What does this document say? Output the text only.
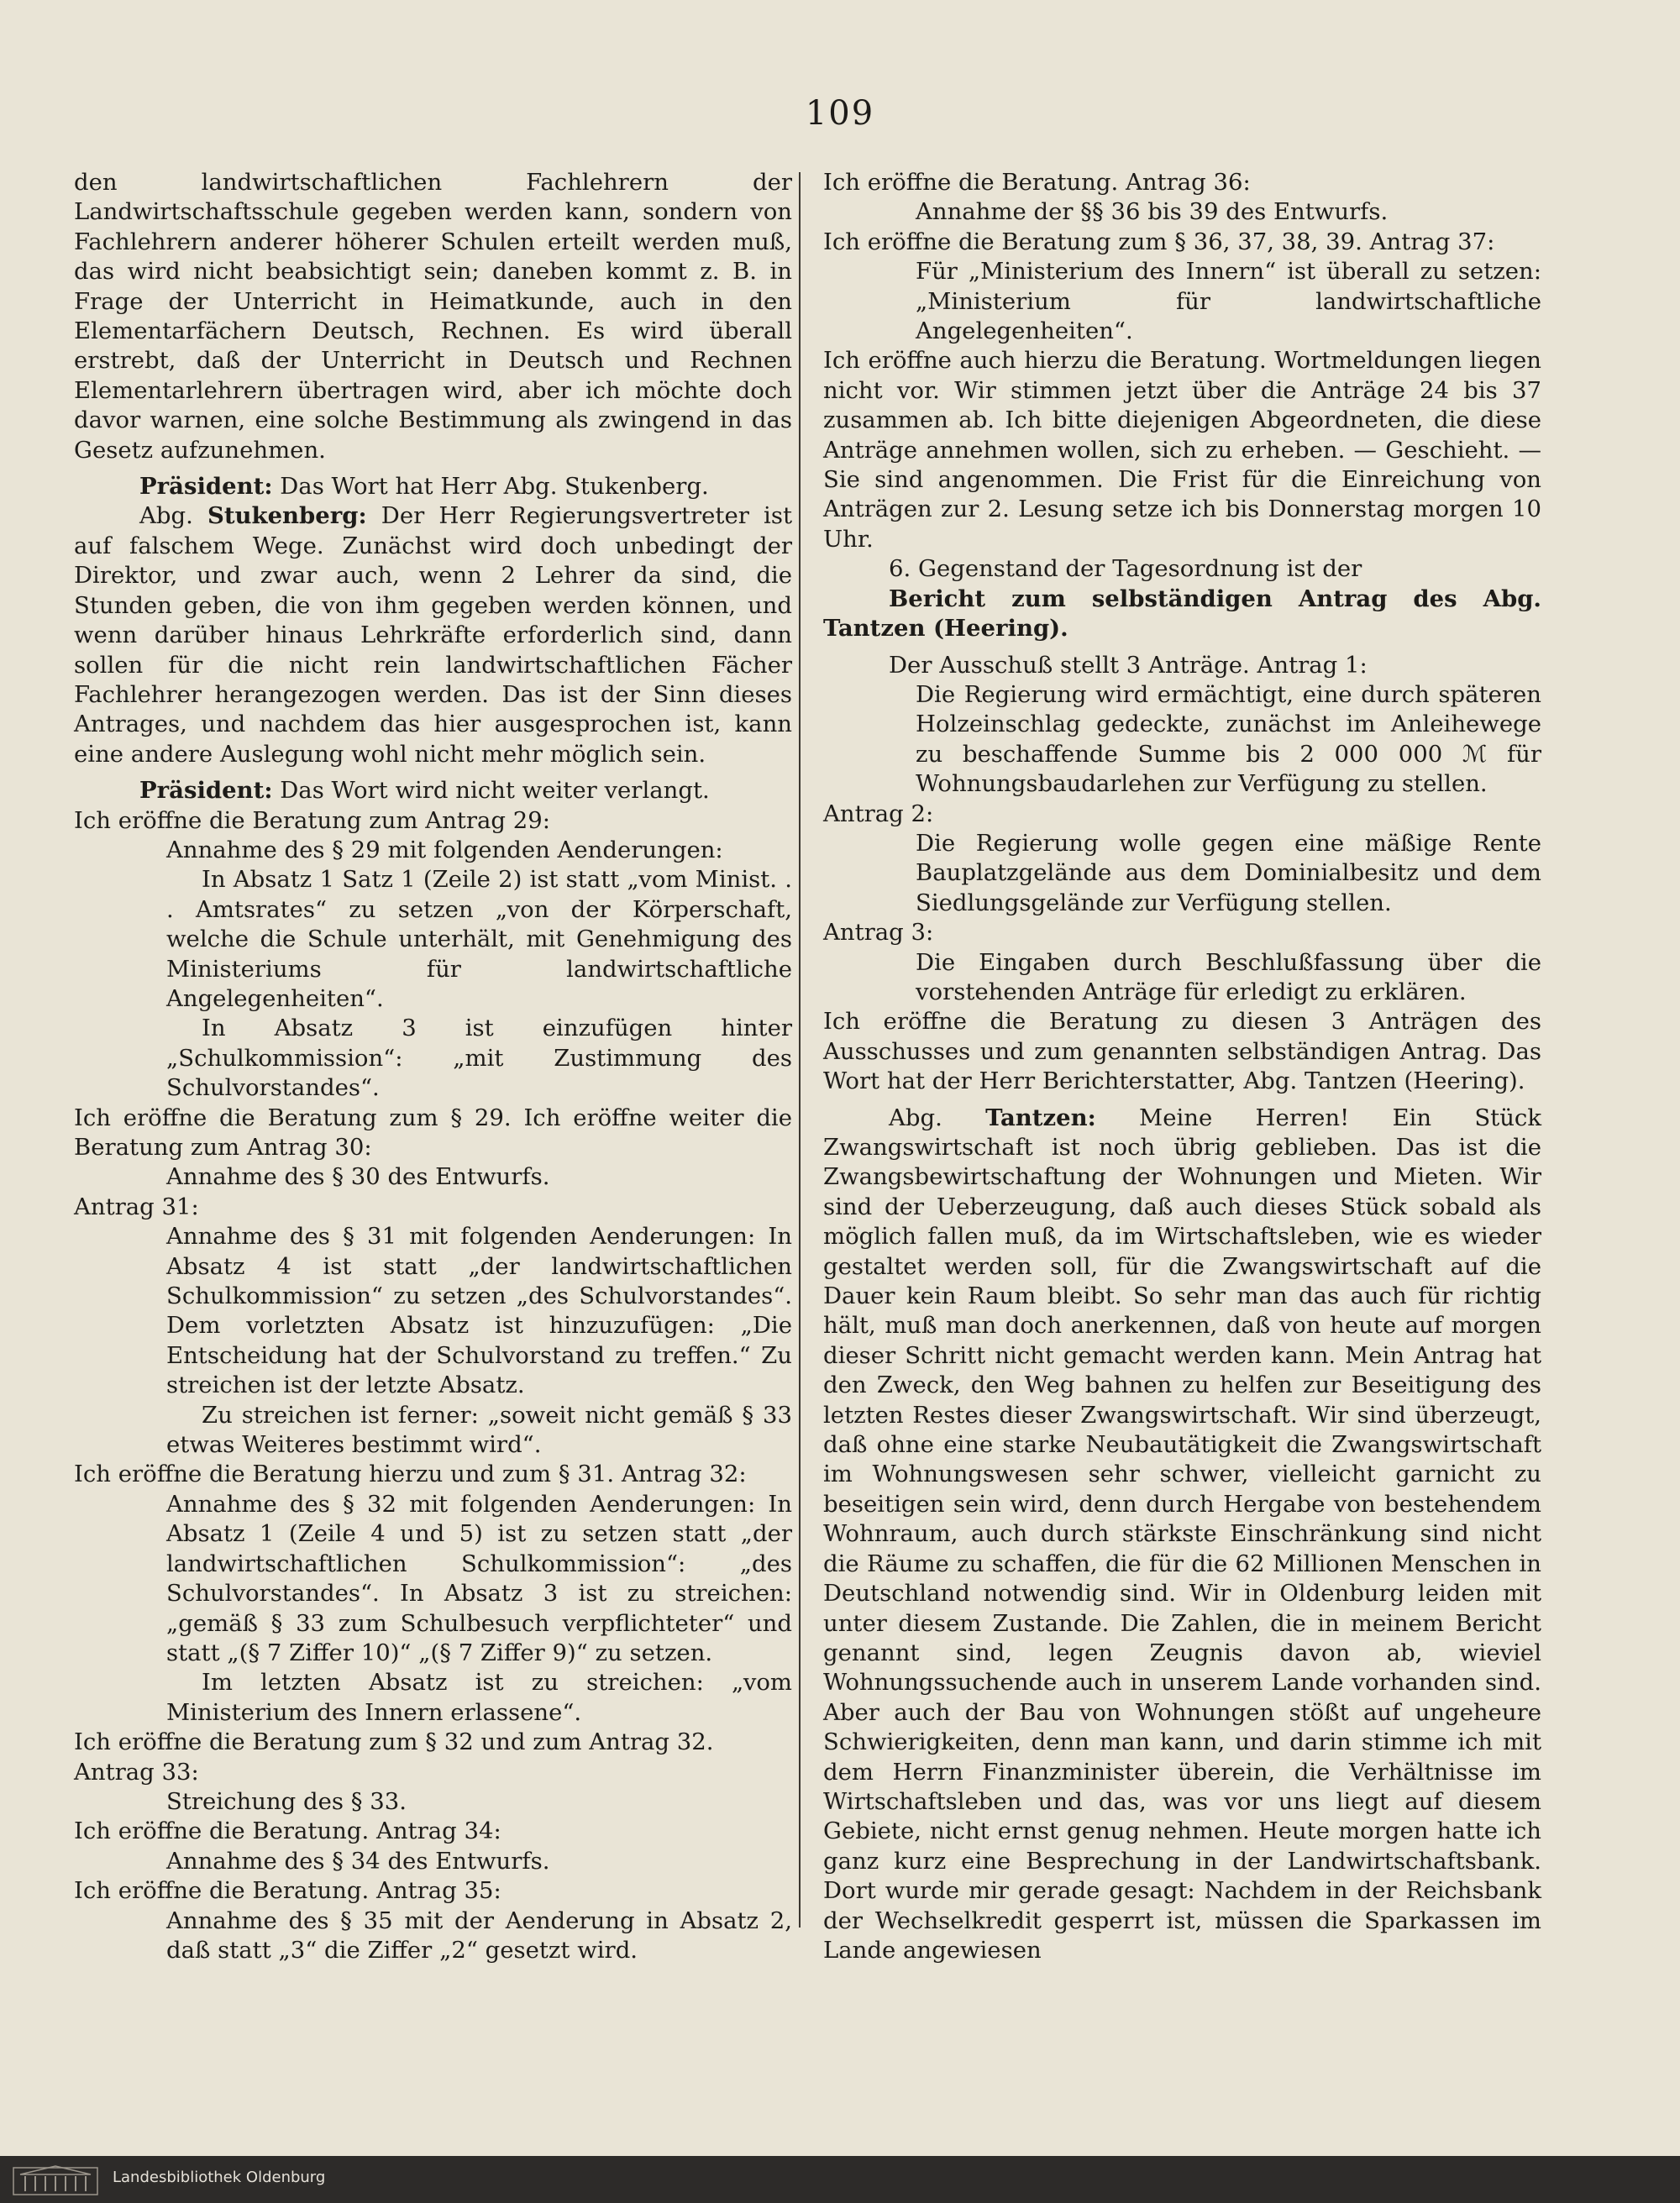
109

den landwirtschaftlichen Fachlehrern der Landwirtschaftsschule gegeben werden kann, sondern von Fachlehrern anderer höherer Schulen erteilt werden muß, das wird nicht beabsichtigt sein; daneben kommt z. B. in Frage der Unterricht in Heimatkunde, auch in den Elementarfächern Deutsch, Rechnen. Es wird überall erstrebt, daß der Unterricht in Deutsch und Rechnen Elementarlehrern übertragen wird, aber ich möchte doch davor warnen, eine solche Bestimmung als zwingend in das Gesetz aufzunehmen.

Präsident: Das Wort hat Herr Abg. Stukenberg.

Abg. Stukenberg: Der Herr Regierungsvertreter ist auf falschem Wege. Zunächst wird doch unbedingt der Direktor, und zwar auch, wenn 2 Lehrer da sind, die Stunden geben, die von ihm gegeben werden können, und wenn darüber hinaus Lehrkräfte erforderlich sind, dann sollen für die nicht rein landwirtschaftlichen Fächer Fachlehrer herangezogen werden. Das ist der Sinn dieses Antrages, und nachdem das hier ausgesprochen ist, kann eine andere Auslegung wohl nicht mehr möglich sein.

Präsident: Das Wort wird nicht weiter verlangt.

Ich eröffne die Beratung zum Antrag 29:

Annahme des § 29 mit folgenden Aenderungen:

In Absatz 1 Satz 1 (Zeile 2) ist statt „vom Minist. . . Amtsrates“ zu setzen „von der Körperschaft, welche die Schule unterhält, mit Genehmigung des Ministeriums für landwirtschaftliche Angelegenheiten“.

In Absatz 3 ist einzufügen hinter „Schulkommission“: „mit Zustimmung des Schulvorstandes“.

Ich eröffne die Beratung zum § 29. Ich eröffne weiter die Beratung zum Antrag 30:

Annahme des § 30 des Entwurfs.

Antrag 31:

Annahme des § 31 mit folgenden Aenderungen: In Absatz 4 ist statt „der landwirtschaftlichen Schulkommission“ zu setzen „des Schulvorstandes“. Dem vorletzten Absatz ist hinzuzufügen: „Die Entscheidung hat der Schulvorstand zu treffen.“ Zu streichen ist der letzte Absatz.

Zu streichen ist ferner: „soweit nicht gemäß § 33 etwas Weiteres bestimmt wird“.

Ich eröffne die Beratung hierzu und zum § 31. Antrag 32:

Annahme des § 32 mit folgenden Aenderungen: In Absatz 1 (Zeile 4 und 5) ist zu setzen statt „der landwirtschaftlichen Schulkommission“: „des Schulvorstandes“. In Absatz 3 ist zu streichen: „gemäß § 33 zum Schulbesuch verpflichteter“ und statt „(§ 7 Ziffer 10)“ „(§ 7 Ziffer 9)“ zu setzen.

Im letzten Absatz ist zu streichen: „vom Ministerium des Innern erlassene“.

Ich eröffne die Beratung zum § 32 und zum Antrag 32.

Antrag 33:

Streichung des § 33.

Ich eröffne die Beratung. Antrag 34:

Annahme des § 34 des Entwurfs.

Ich eröffne die Beratung. Antrag 35:

Annahme des § 35 mit der Aenderung in Absatz 2, daß statt „3“ die Ziffer „2“ gesetzt wird.

Ich eröffne die Beratung. Antrag 36:

Annahme der §§ 36 bis 39 des Entwurfs.

Ich eröffne die Beratung zum § 36, 37, 38, 39. Antrag 37:

Für „Ministerium des Innern“ ist überall zu setzen: „Ministerium für landwirtschaftliche Angelegenheiten“.

Ich eröffne auch hierzu die Beratung. Wortmeldungen liegen nicht vor. Wir stimmen jetzt über die Anträge 24 bis 37 zusammen ab. Ich bitte diejenigen Abgeordneten, die diese Anträge annehmen wollen, sich zu erheben. — Geschieht. — Sie sind angenommen. Die Frist für die Einreichung von Anträgen zur 2. Lesung setze ich bis Donnerstag morgen 10 Uhr.

6. Gegenstand der Tagesordnung ist der

Bericht zum selbständigen Antrag des Abg. Tantzen (Heering).

Der Ausschuß stellt 3 Anträge. Antrag 1:

Die Regierung wird ermächtigt, eine durch späteren Holzeinschlag gedeckte, zunächst im Anleihewege zu beschaffende Summe bis 2 000 000 ℳ für Wohnungsbaudarlehen zur Verfügung zu stellen.

Antrag 2:

Die Regierung wolle gegen eine mäßige Rente Bauplatzgelände aus dem Dominialbesitz und dem Siedlungsgelände zur Verfügung stellen.

Antrag 3:

Die Eingaben durch Beschlußfassung über die vorstehenden Anträge für erledigt zu erklären.

Ich eröffne die Beratung zu diesen 3 Anträgen des Ausschusses und zum genannten selbständigen Antrag. Das Wort hat der Herr Berichterstatter, Abg. Tantzen (Heering).

Abg. Tantzen: Meine Herren! Ein Stück Zwangswirtschaft ist noch übrig geblieben. Das ist die Zwangsbewirtschaftung der Wohnungen und Mieten. Wir sind der Ueberzeugung, daß auch dieses Stück sobald als möglich fallen muß, da im Wirtschaftsleben, wie es wieder gestaltet werden soll, für die Zwangswirtschaft auf die Dauer kein Raum bleibt. So sehr man das auch für richtig hält, muß man doch anerkennen, daß von heute auf morgen dieser Schritt nicht gemacht werden kann. Mein Antrag hat den Zweck, den Weg bahnen zu helfen zur Beseitigung des letzten Restes dieser Zwangswirtschaft. Wir sind überzeugt, daß ohne eine starke Neubautätigkeit die Zwangswirtschaft im Wohnungswesen sehr schwer, vielleicht garnicht zu beseitigen sein wird, denn durch Hergabe von bestehendem Wohnraum, auch durch stärkste Einschränkung sind nicht die Räume zu schaffen, die für die 62 Millionen Menschen in Deutschland notwendig sind. Wir in Oldenburg leiden mit unter diesem Zustande. Die Zahlen, die in meinem Bericht genannt sind, legen Zeugnis davon ab, wieviel Wohnungssuchende auch in unserem Lande vorhanden sind. Aber auch der Bau von Wohnungen stößt auf ungeheure Schwierigkeiten, denn man kann, und darin stimme ich mit dem Herrn Finanzminister überein, die Verhältnisse im Wirtschaftsleben und das, was vor uns liegt auf diesem Gebiete, nicht ernst genug nehmen. Heute morgen hatte ich ganz kurz eine Besprechung in der Landwirtschaftsbank. Dort wurde mir gerade gesagt: Nachdem in der Reichsbank der Wechselkredit gesperrt ist, müssen die Sparkassen im Lande angewiesen

Landesbibliothek Oldenburg
